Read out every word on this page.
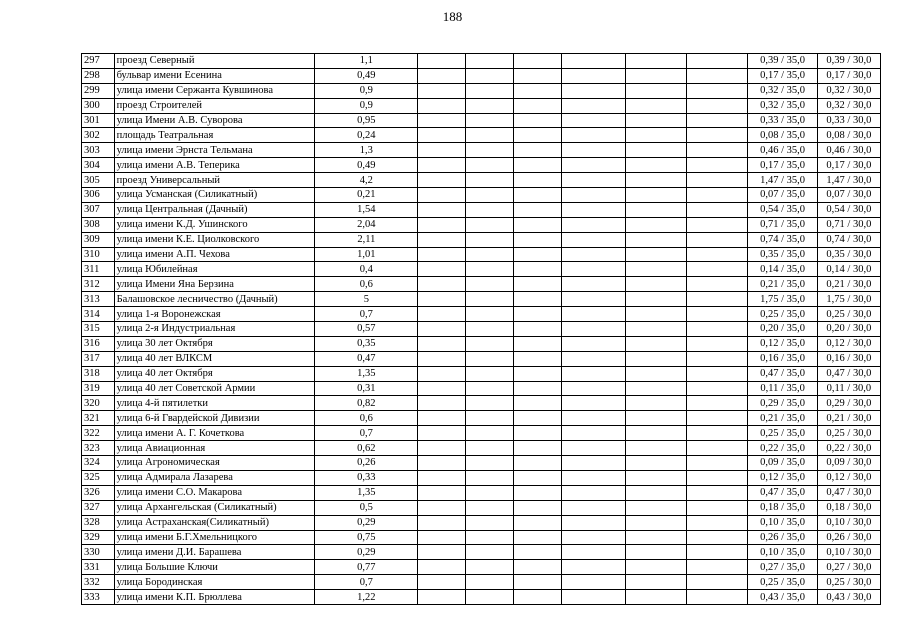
188
297	проезд Северный	1,1							0,39 / 35,0	0,39 / 30,0
298	бульвар имени Есенина	0,49							0,17 / 35,0	0,17 / 30,0
299	улица имени Сержанта Кувшинова	0,9							0,32 / 35,0	0,32 / 30,0
300	проезд Строителей	0,9							0,32 / 35,0	0,32 / 30,0
301	улица Имени А.В. Суворова	0,95							0,33 / 35,0	0,33 / 30,0
302	площадь Театральная	0,24							0,08 / 35,0	0,08 / 30,0
303	улица имени Эрнста Тельмана	1,3							0,46 / 35,0	0,46 / 30,0
304	улица имени А.В. Теперика	0,49							0,17 / 35,0	0,17 / 30,0
305	проезд Универсальный	4,2							1,47 / 35,0	1,47 / 30,0
306	улица Усманская (Силикатный)	0,21							0,07 / 35,0	0,07 / 30,0
307	улица Центральная (Дачный)	1,54							0,54 / 35,0	0,54 / 30,0
308	улица имени К.Д. Ушинского	2,04							0,71 / 35,0	0,71 / 30,0
309	улица имени К.Е. Циолковского	2,11							0,74 / 35,0	0,74 / 30,0
310	улица имени А.П. Чехова	1,01							0,35 / 35,0	0,35 / 30,0
311	улица Юбилейная	0,4							0,14 / 35,0	0,14 / 30,0
312	улица Имени Яна Берзина	0,6							0,21 / 35,0	0,21 / 30,0
313	Балашовское лесничество (Дачный)	5							1,75 / 35,0	1,75 / 30,0
314	улица 1-я Воронежская	0,7							0,25 / 35,0	0,25 / 30,0
315	улица 2-я Индустриальная	0,57							0,20 / 35,0	0,20 / 30,0
316	улица 30 лет Октября	0,35							0,12 / 35,0	0,12 / 30,0
317	улица 40 лет ВЛКСМ	0,47							0,16 / 35,0	0,16 / 30,0
318	улица 40 лет Октября	1,35							0,47 / 35,0	0,47 / 30,0
319	улица 40 лет Советской Армии	0,31							0,11 / 35,0	0,11 / 30,0
320	улица 4-й пятилетки	0,82							0,29 / 35,0	0,29 / 30,0
321	улица 6-й Гвардейской Дивизии	0,6							0,21 / 35,0	0,21 / 30,0
322	улица имени А. Г. Кочеткова	0,7							0,25 / 35,0	0,25 / 30,0
323	улица Авиационная	0,62							0,22 / 35,0	0,22 / 30,0
324	улица Агрономическая	0,26							0,09 / 35,0	0,09 / 30,0
325	улица Адмирала Лазарева	0,33							0,12 / 35,0	0,12 / 30,0
326	улица имени С.О. Макарова	1,35							0,47 / 35,0	0,47 / 30,0
327	улица Архангельская (Силикатный)	0,5							0,18 / 35,0	0,18 / 30,0
328	улица Астраханская(Силикатный)	0,29							0,10 / 35,0	0,10 / 30,0
329	улица имени Б.Г.Хмельницкого	0,75							0,26 / 35,0	0,26 / 30,0
330	улица имени Д.И. Барашева	0,29							0,10 / 35,0	0,10 / 30,0
331	улица Большие Ключи	0,77							0,27 / 35,0	0,27 / 30,0
332	улица Бородинская	0,7							0,25 / 35,0	0,25 / 30,0
333	улица имени К.П. Брюллева	1,22							0,43 / 35,0	0,43 / 30,0
